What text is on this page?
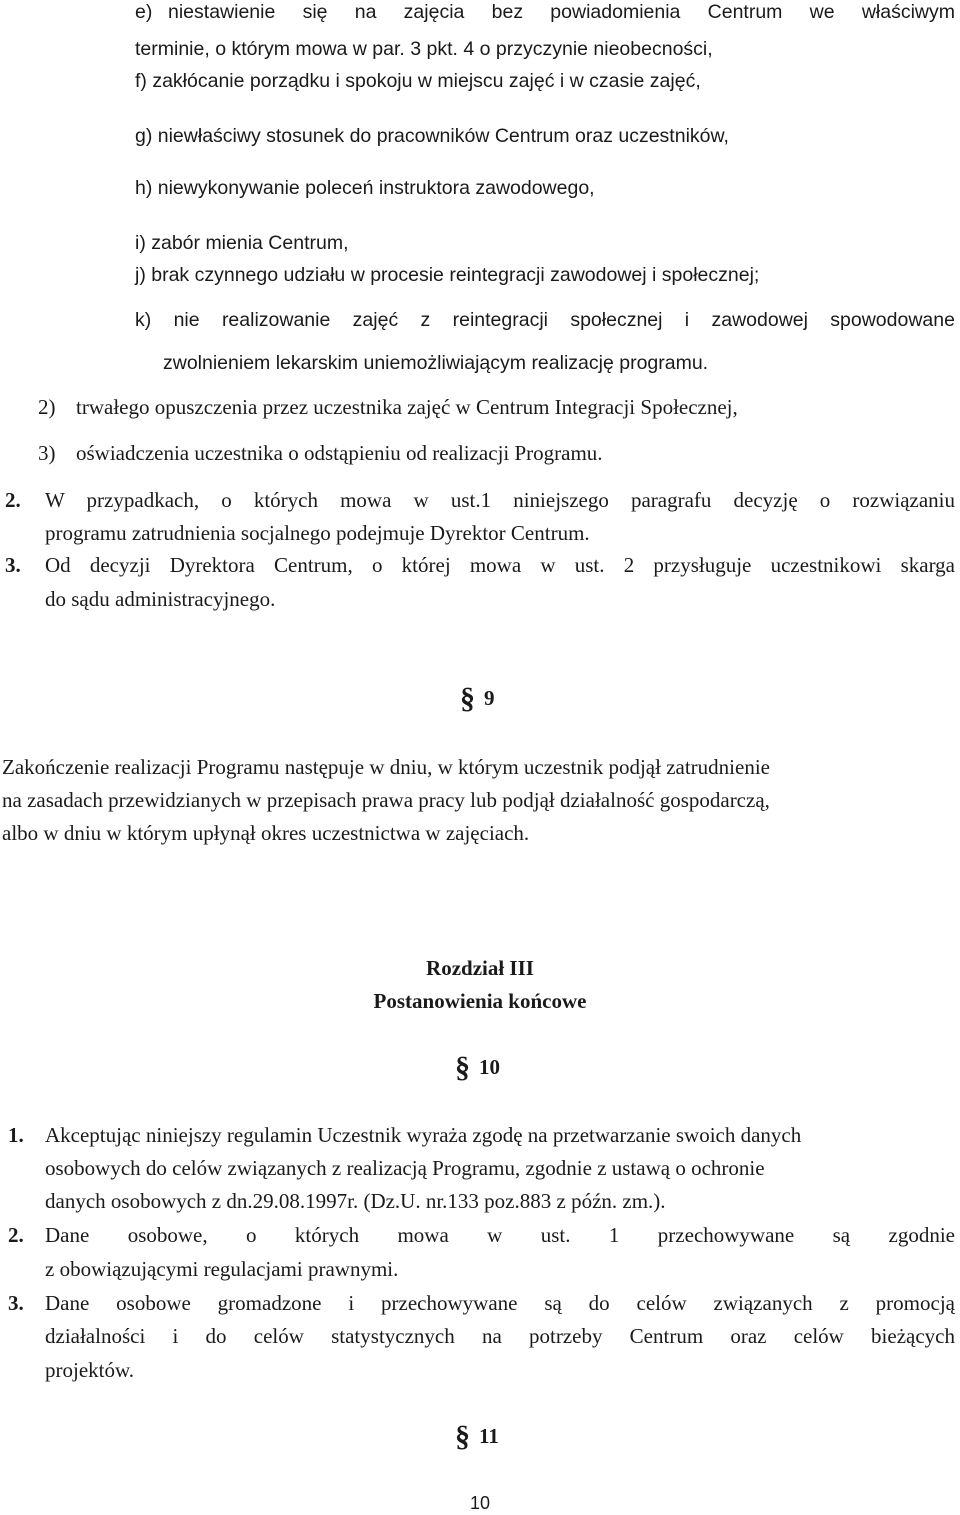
e) niestawienie się na zajęcia bez powiadomienia Centrum we właściwym
terminie, o którym mowa w par. 3 pkt. 4 o przyczynie nieobecności,
f) zakłócanie porządku i spokoju w miejscu zajęć i w czasie zajęć,
g) niewłaściwy stosunek do pracowników Centrum oraz uczestników,
h) niewykonywanie poleceń instruktora zawodowego,
i) zabór mienia Centrum,
j) brak czynnego udziału w procesie reintegracji zawodowej i społecznej;
k) nie realizowanie zajęć z reintegracji społecznej i zawodowej spowodowane
zwolnieniem lekarskim uniemożliwiającym realizację programu.
2) trwałego opuszczenia przez uczestnika zajęć w Centrum Integracji Społecznej,
3) oświadczenia uczestnika o odstąpieniu od realizacji Programu.
2. W przypadkach, o których mowa w ust.1 niniejszego paragrafu decyzję o rozwiązaniu
programu zatrudnienia socjalnego podejmuje Dyrektor Centrum.
3. Od decyzji Dyrektora Centrum, o której mowa w ust. 2 przysługuje uczestnikowi skarga
do sądu administracyjnego.
§ 9
Zakończenie realizacji Programu następuje w dniu, w którym uczestnik podjął zatrudnienie
na zasadach przewidzianych w przepisach prawa pracy lub podjął działalność gospodarczą,
albo w dniu w którym upłynął okres uczestnictwa w zajęciach.
Rozdział III
Postanowienia końcowe
§ 10
1. Akceptując niniejszy regulamin Uczestnik wyraża zgodę na przetwarzanie swoich danych
osobowych do celów związanych z realizacją Programu, zgodnie z ustawą o ochronie
danych osobowych z dn.29.08.1997r. (Dz.U. nr.133 poz.883 z późn. zm.).
2. Dane osobowe, o których mowa w ust. 1 przechowywane są zgodnie
z obowiązującymi regulacjami prawnymi.
3. Dane osobowe gromadzone i przechowywane są do celów związanych z promocją
działalności i do celów statystycznych na potrzeby Centrum oraz celów bieżących
projektów.
§ 11
10
